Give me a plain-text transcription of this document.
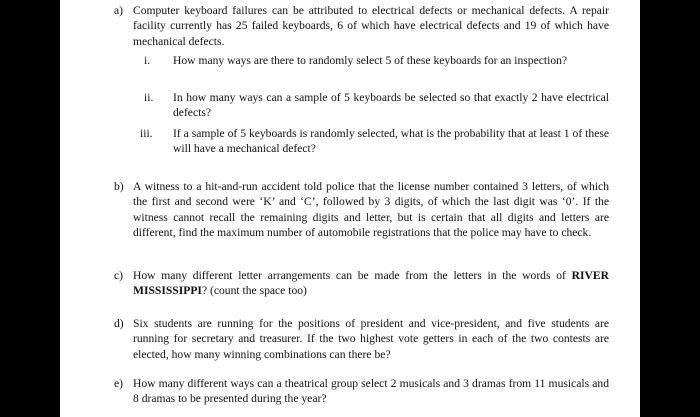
a) Computer keyboard failures can be attributed to electrical defects or mechanical defects. A repair facility currently has 25 failed keyboards, 6 of which have electrical defects and 19 of which have mechanical defects.
i. How many ways are there to randomly select 5 of these keyboards for an inspection?
ii. In how many ways can a sample of 5 keyboards be selected so that exactly 2 have electrical defects?
iii. If a sample of 5 keyboards is randomly selected, what is the probability that at least 1 of these will have a mechanical defect?
b) A witness to a hit-and-run accident told police that the license number contained 3 letters, of which the first and second were ‘K’ and ‘C’, followed by 3 digits, of which the last digit was ‘0’. If the witness cannot recall the remaining digits and letter, but is certain that all digits and letters are different, find the maximum number of automobile registrations that the police may have to check.
c) How many different letter arrangements can be made from the letters in the words of RIVER MISSISSIPPI? (count the space too)
d) Six students are running for the positions of president and vice-president, and five students are running for secretary and treasurer. If the two highest vote getters in each of the two contests are elected, how many winning combinations can there be?
e) How many different ways can a theatrical group select 2 musicals and 3 dramas from 11 musicals and 8 dramas to be presented during the year?
